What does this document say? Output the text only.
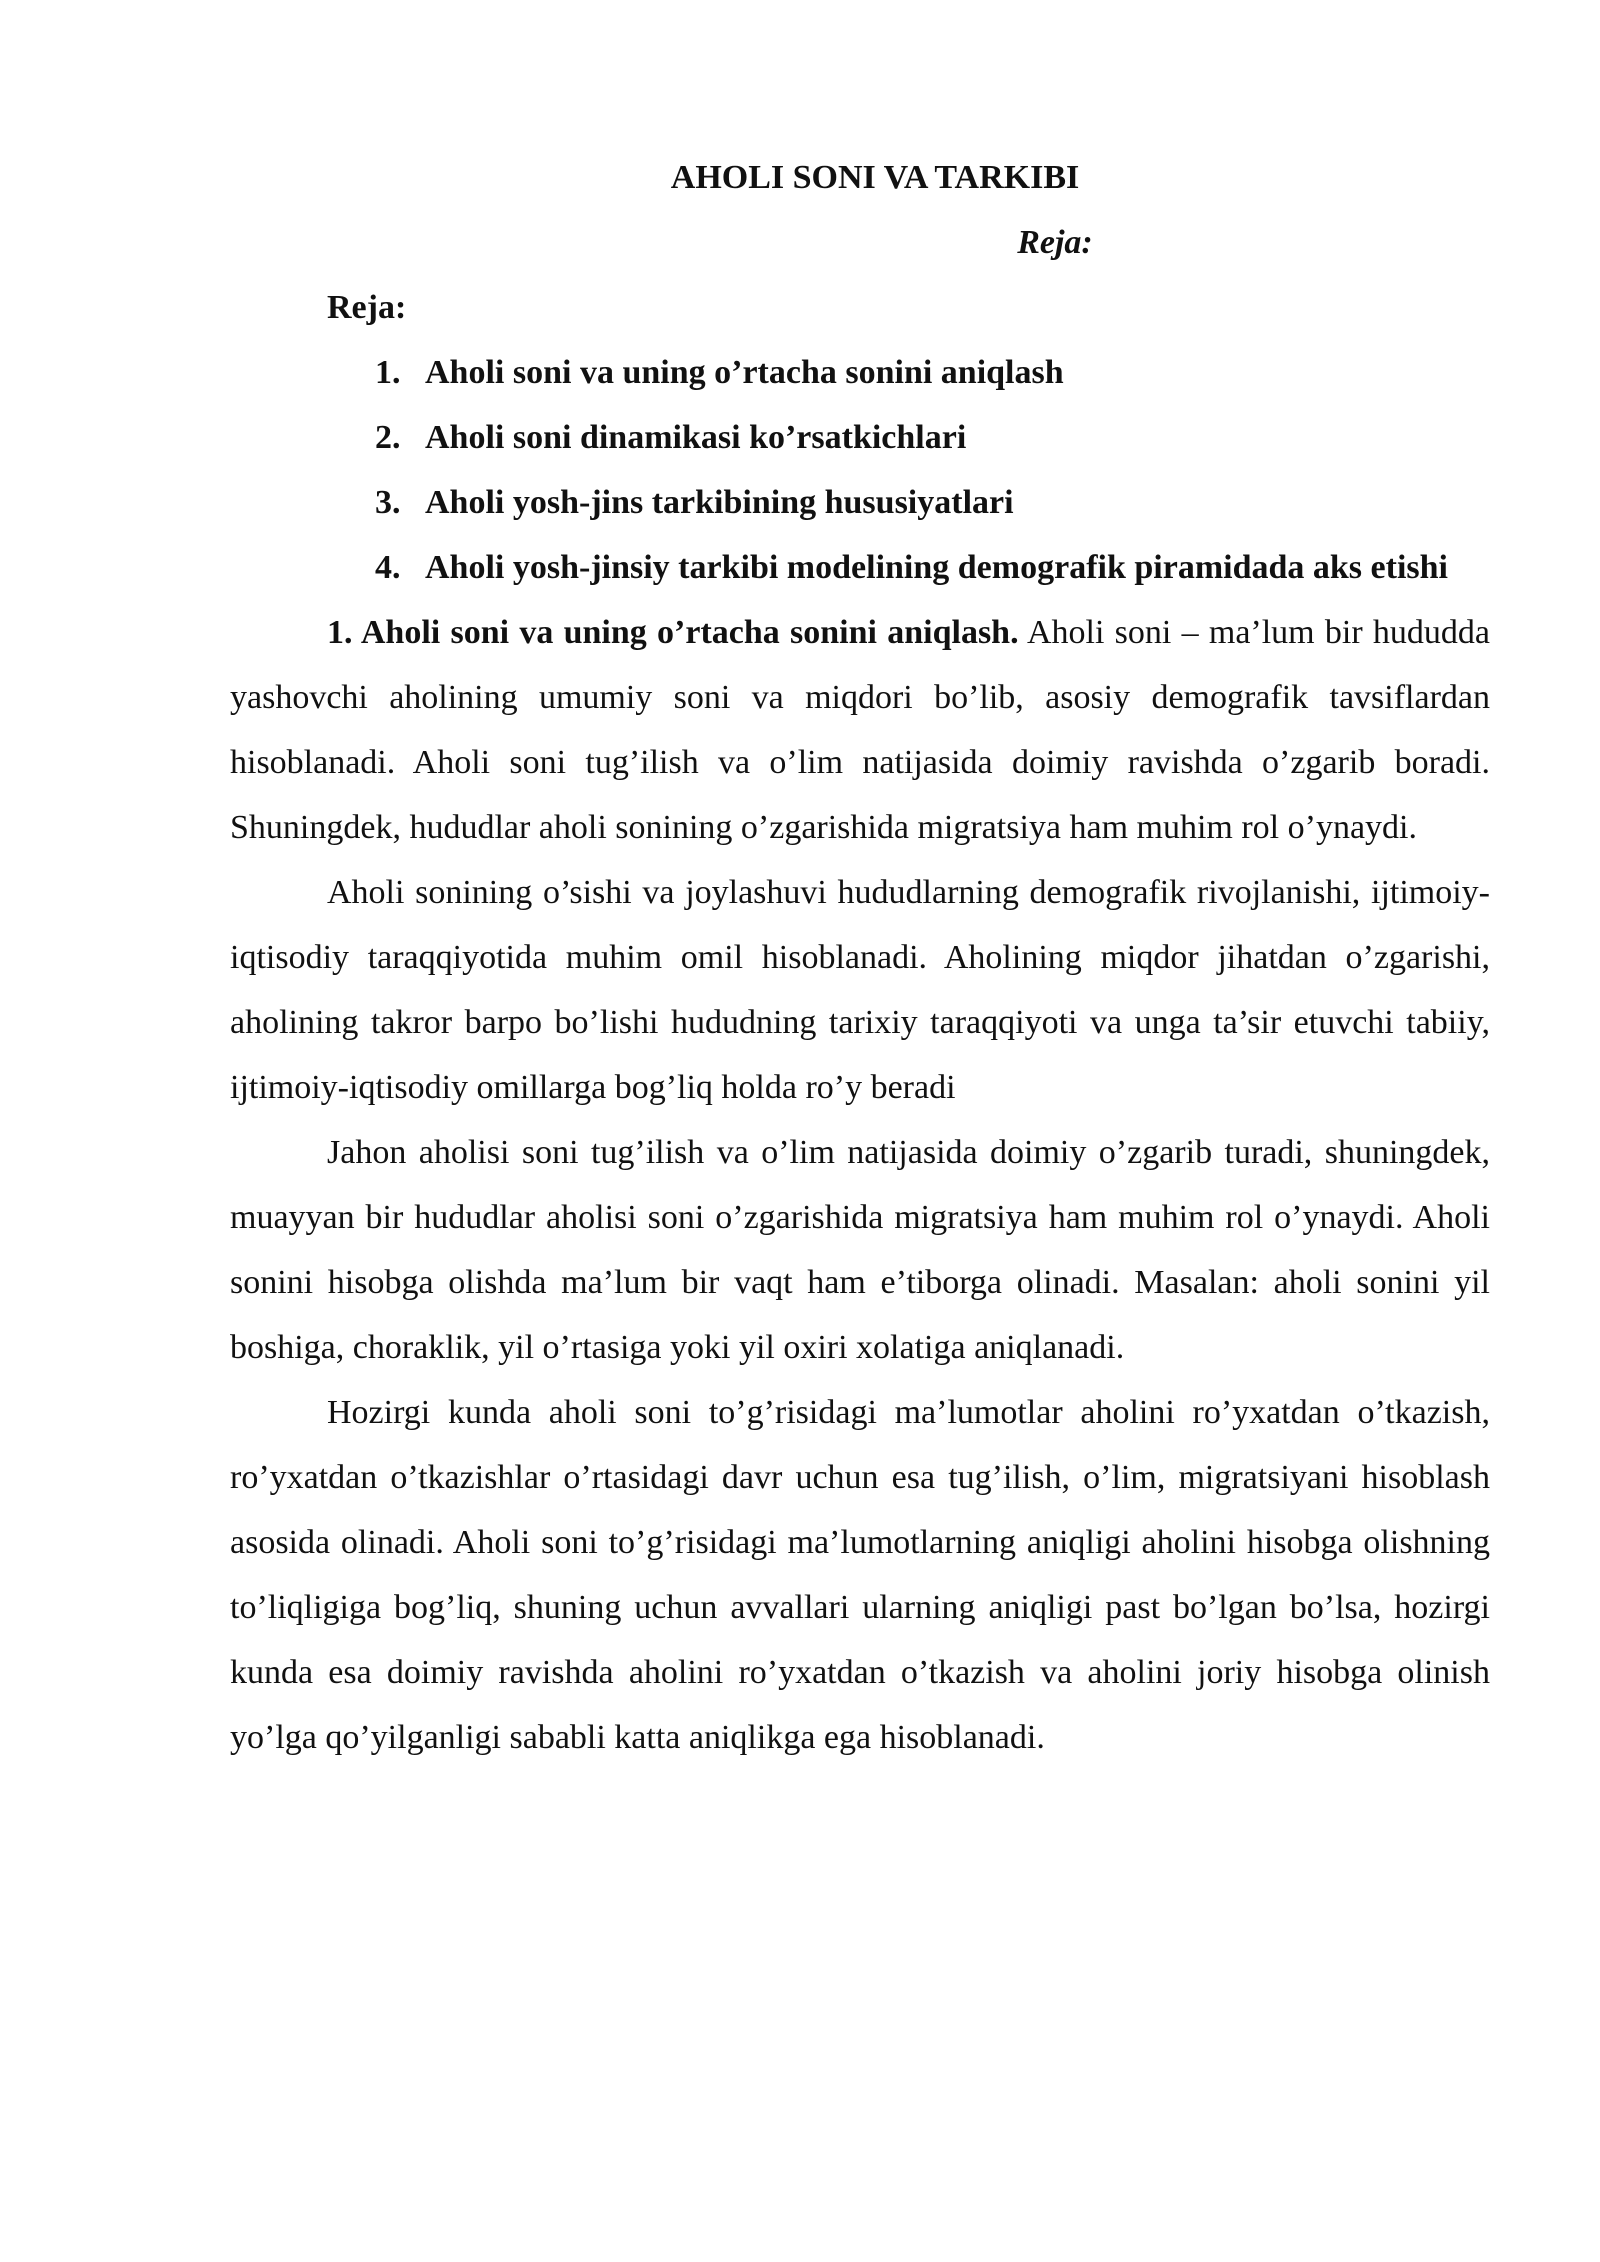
AHOLI SONI VA TARKIBI

Reja:

Reja:

1. Aholi soni va uning o’rtacha sonini aniqlash
2. Aholi soni dinamikasi ko’rsatkichlari
3. Aholi yosh-jins tarkibining hususiyatlari
4. Aholi yosh-jinsiy tarkibi modelining demografik piramidada aks etishi

1. Aholi soni va uning o’rtacha sonini aniqlash. Aholi soni – ma’lum bir hududda yashovchi aholining umumiy soni va miqdori bo’lib, asosiy demografik tavsiflardan hisoblanadi. Aholi soni tug’ilish va o’lim natijasida doimiy ravishda o’zgarib boradi. Shuningdek, hududlar aholi sonining o’zgarishida migratsiya ham muhim rol o’ynaydi.

Aholi sonining o’sishi va joylashuvi hududlarning demografik rivojlanishi, ijtimoiy-iqtisodiy taraqqiyotida muhim omil hisoblanadi. Aholining miqdor jihatdan o’zgarishi, aholining takror barpo bo’lishi hududning tarixiy taraqqiyoti va unga ta’sir etuvchi tabiiy, ijtimoiy-iqtisodiy omillarga bog’liq holda ro’y beradi

Jahon aholisi soni tug’ilish va o’lim natijasida doimiy o’zgarib turadi, shuningdek, muayyan bir hududlar aholisi soni o’zgarishida migratsiya ham muhim rol o’ynaydi. Aholi sonini hisobga olishda ma’lum bir vaqt ham e’tiborga olinadi. Masalan: aholi sonini yil boshiga, choraklik, yil o’rtasiga yoki yil oxiri xolatiga aniqlanadi.

Hozirgi kunda aholi soni to’g’risidagi ma’lumotlar aholini ro’yxatdan o’tkazish, ro’yxatdan o’tkazishlar o’rtasidagi davr uchun esa tug’ilish, o’lim, migratsiyani hisoblash asosida olinadi. Aholi soni to’g’risidagi ma’lumotlarning aniqligi aholini hisobga olishning to’liqligiga bog’liq, shuning uchun avvallari ularning aniqligi past bo’lgan bo’lsa, hozirgi kunda esa doimiy ravishda aholini ro’yxatdan o’tkazish va aholini joriy hisobga olinish yo’lga qo’yilganligi sababli katta aniqlikga ega hisoblanadi.
